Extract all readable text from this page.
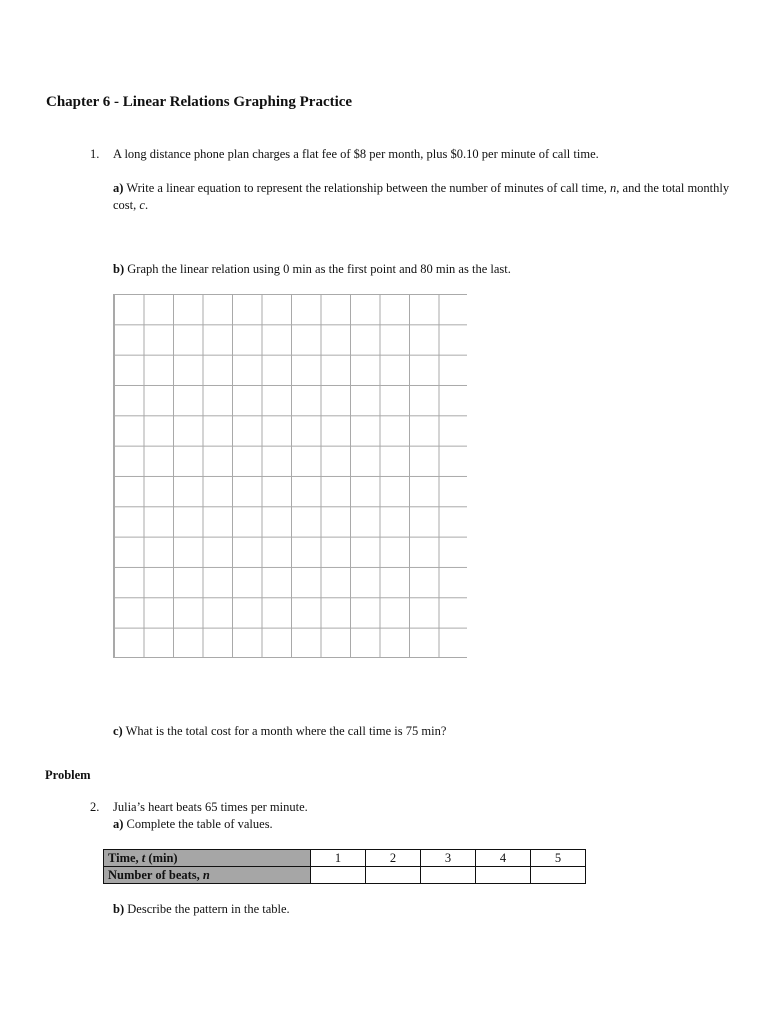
Chapter 6 - Linear Relations Graphing Practice
1. A long distance phone plan charges a flat fee of $8 per month, plus $0.10 per minute of call time.
a) Write a linear equation to represent the relationship between the number of minutes of call time, n, and the total monthly cost, c.
b) Graph the linear relation using 0 min as the first point and 80 min as the last.
c) What is the total cost for a month where the call time is 75 min?
Problem
2. Julia’s heart beats 65 times per minute.
a) Complete the table of values.
Time, t (min)	1	2	3	4	5
Number of beats, n					
b) Describe the pattern in the table.
